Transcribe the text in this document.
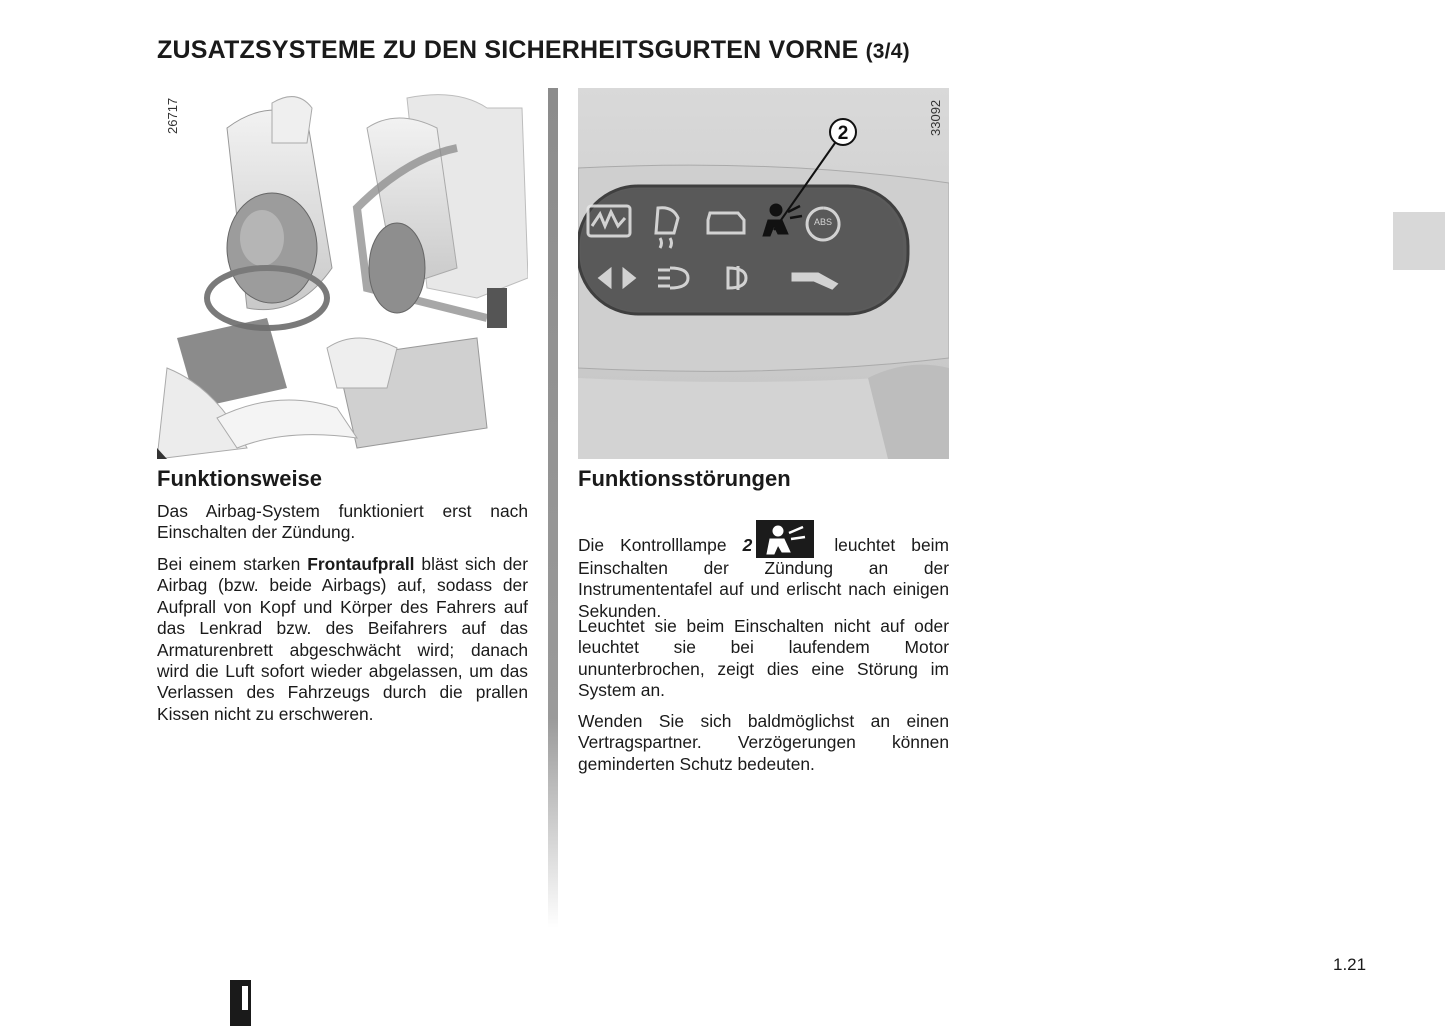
ZUSATZSYSTEME ZU DEN SICHERHEITSGURTEN VORNE (3/4)
26717
ABS
2	33092
Funktionsweise

Das Airbag-System funktioniert erst nach Einschalten der Zündung.

Bei einem starken Frontaufprall bläst sich der Airbag (bzw. beide Airbags) auf, sodass der Aufprall von Kopf und Körper des Fahrers auf das Lenkrad bzw. des Beifahrers auf das Armaturenbrett abgeschwächt wird; danach wird die Luft sofort wieder abgelassen, um das Verlassen des Fahrzeugs durch die prallen Kissen nicht zu erschweren.

Funktionsstörungen

Die Kontrolllampe 2	leuchtet beim Einschalten der Zündung an der Instrumententafel auf und erlischt nach einigen Sekunden.

Leuchtet sie beim Einschalten nicht auf oder leuchtet sie bei laufendem Motor ununterbrochen, zeigt dies eine Störung im System an.

Wenden Sie sich baldmöglichst an einen Vertragspartner. Verzögerungen können geminderten Schutz bedeuten.

1.21
